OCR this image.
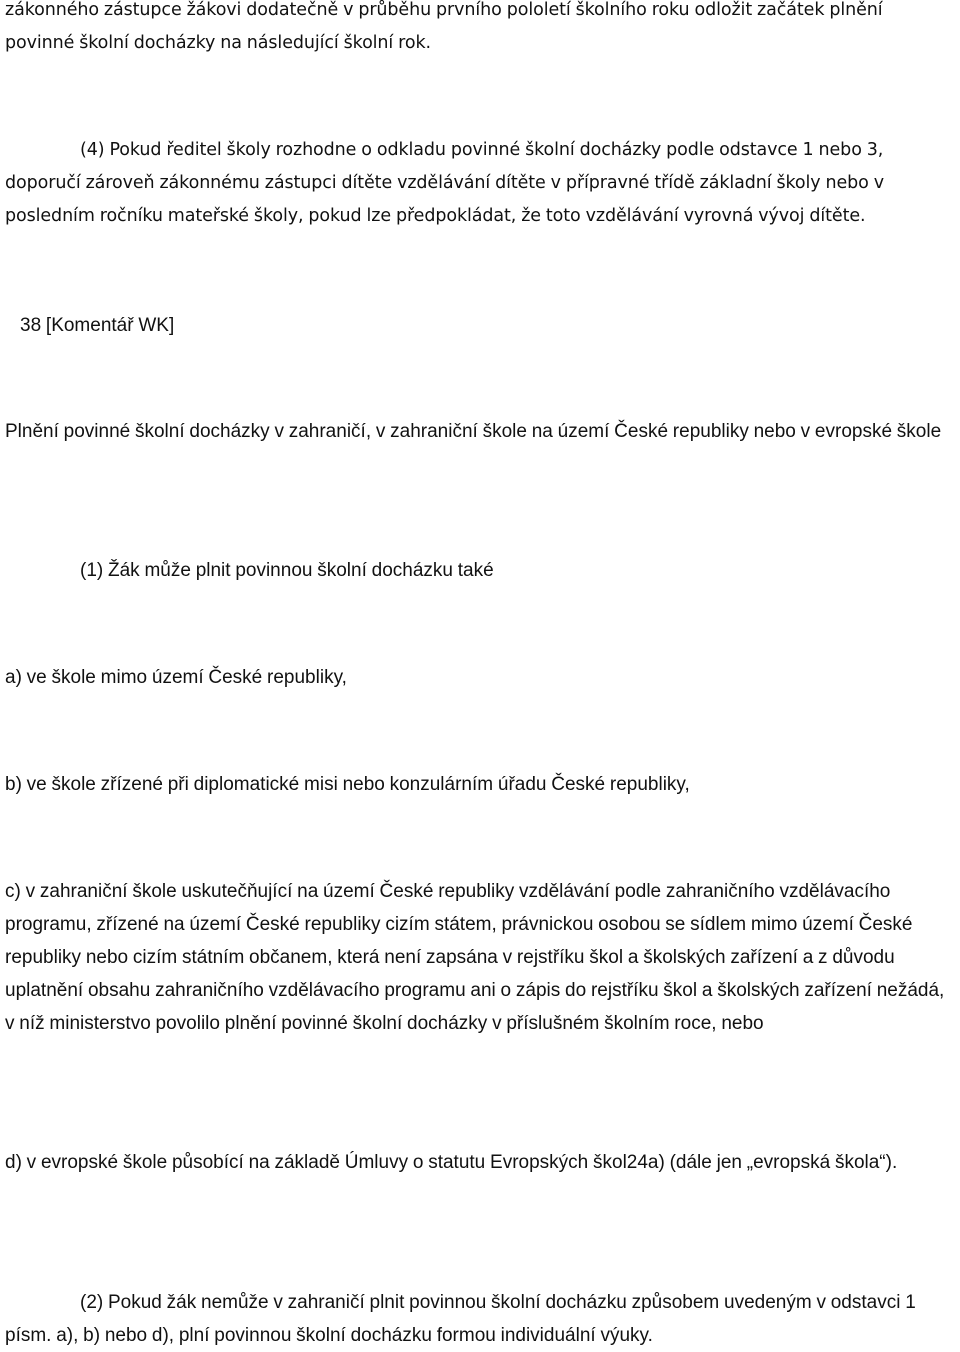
zákonného zástupce žákovi dodatečně v průběhu prvního pololetí školního roku odložit začátek plnění povinné školní docházky na následující školní rok.

(4) Pokud ředitel školy rozhodne o odkladu povinné školní docházky podle odstavce 1 nebo 3, doporučí zároveň zákonnému zástupci dítěte vzdělávání dítěte v přípravné třídě základní školy nebo v posledním ročníku mateřské školy, pokud lze předpokládat, že toto vzdělávání vyrovná vývoj dítěte.

38 [Komentář WK]

Plnění povinné školní docházky v zahraničí, v zahraniční škole na území České republiky nebo v evropské škole

(1) Žák může plnit povinnou školní docházku také

a) ve škole mimo území České republiky,

b) ve škole zřízené při diplomatické misi nebo konzulárním úřadu České republiky,

c) v zahraniční škole uskutečňující na území České republiky vzdělávání podle zahraničního vzdělávacího programu, zřízené na území České republiky cizím státem, právnickou osobou se sídlem mimo území České republiky nebo cizím státním občanem, která není zapsána v rejstříku škol a školských zařízení a z důvodu uplatnění obsahu zahraničního vzdělávacího programu ani o zápis do rejstříku škol a školských zařízení nežádá, v níž ministerstvo povolilo plnění povinné školní docházky v příslušném školním roce, nebo

d) v evropské škole působící na základě Úmluvy o statutu Evropských škol24a) (dále jen „evropská škola“).

(2) Pokud žák nemůže v zahraničí plnit povinnou školní docházku způsobem uvedeným v odstavci 1 písm. a), b) nebo d), plní povinnou školní docházku formou individuální výuky.
